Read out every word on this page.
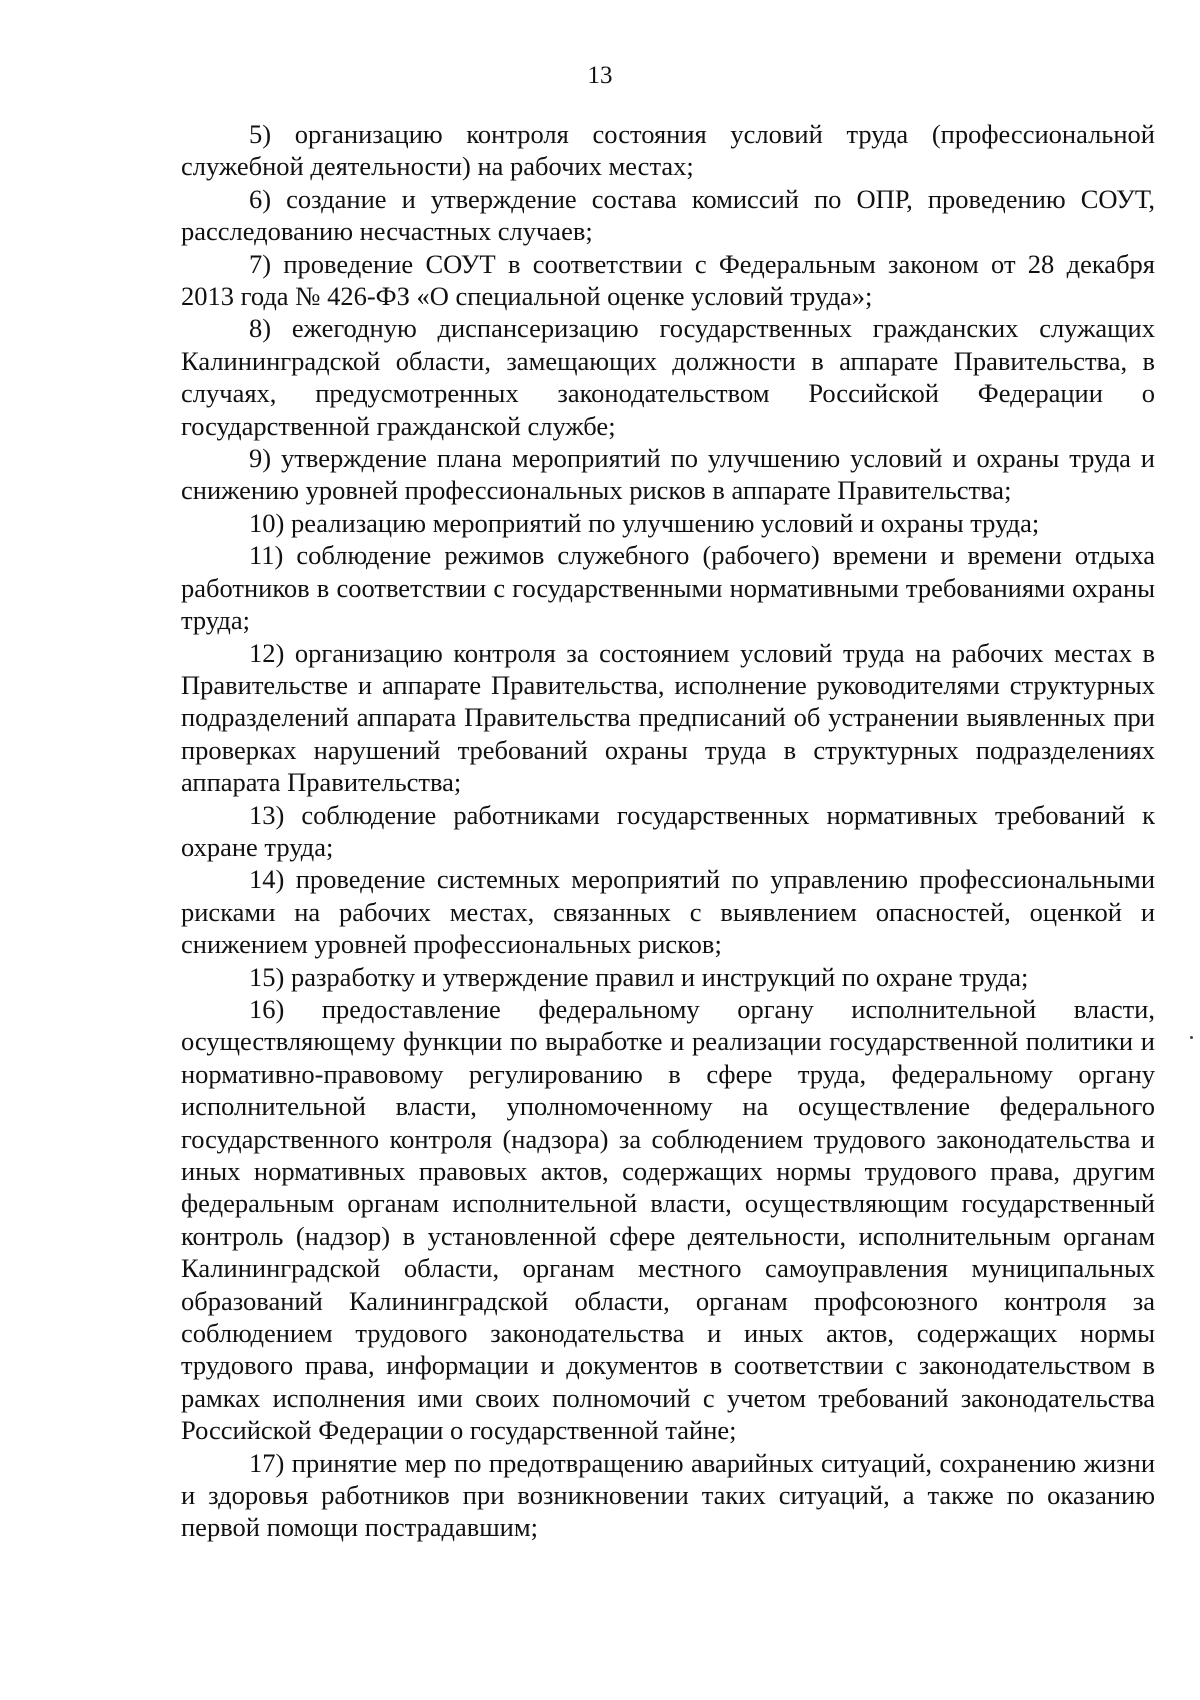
13

5) организацию контроля состояния условий труда (профессиональной служебной деятельности) на рабочих местах;

6) создание и утверждение состава комиссий по ОПР, проведению СОУТ, расследованию несчастных случаев;

7) проведение СОУТ в соответствии с Федеральным законом от 28 декабря 2013 года № 426-ФЗ «О специальной оценке условий труда»;

8) ежегодную диспансеризацию государственных гражданских служащих Калининградской области, замещающих должности в аппарате Правительства, в случаях, предусмотренных законодательством Российской Федерации о государственной гражданской службе;

9) утверждение плана мероприятий по улучшению условий и охраны труда и снижению уровней профессиональных рисков в аппарате Правительства;

10) реализацию мероприятий по улучшению условий и охраны труда;

11) соблюдение режимов служебного (рабочего) времени и времени отдыха работников в соответствии с государственными нормативными требованиями охраны труда;

12) организацию контроля за состоянием условий труда на рабочих местах в Правительстве и аппарате Правительства, исполнение руководителями структурных подразделений аппарата Правительства предписаний об устранении выявленных при проверках нарушений требований охраны труда в структурных подразделениях аппарата Правительства;

13) соблюдение работниками государственных нормативных требований к охране труда;

14) проведение системных мероприятий по управлению профессиональными рисками на рабочих местах, связанных с выявлением опасностей, оценкой и снижением уровней профессиональных рисков;

15) разработку и утверждение правил и инструкций по охране труда;

16) предоставление федеральному органу исполнительной власти, осуществляющему функции по выработке и реализации государственной политики и нормативно-правовому регулированию в сфере труда, федеральному органу исполнительной власти, уполномоченному на осуществление федерального государственного контроля (надзора) за соблюдением трудового законодательства и иных нормативных правовых актов, содержащих нормы трудового права, другим федеральным органам исполнительной власти, осуществляющим государственный контроль (надзор) в установленной сфере деятельности, исполнительным органам Калининградской области, органам местного самоуправления муниципальных образований Калининградской области, органам профсоюзного контроля за соблюдением трудового законодательства и иных актов, содержащих нормы трудового права, информации и документов в соответствии с законодательством в рамках исполнения ими своих полномочий с учетом требований законодательства Российской Федерации о государственной тайне;

17) принятие мер по предотвращению аварийных ситуаций, сохранению жизни и здоровья работников при возникновении таких ситуаций, а также по оказанию первой помощи пострадавшим;
